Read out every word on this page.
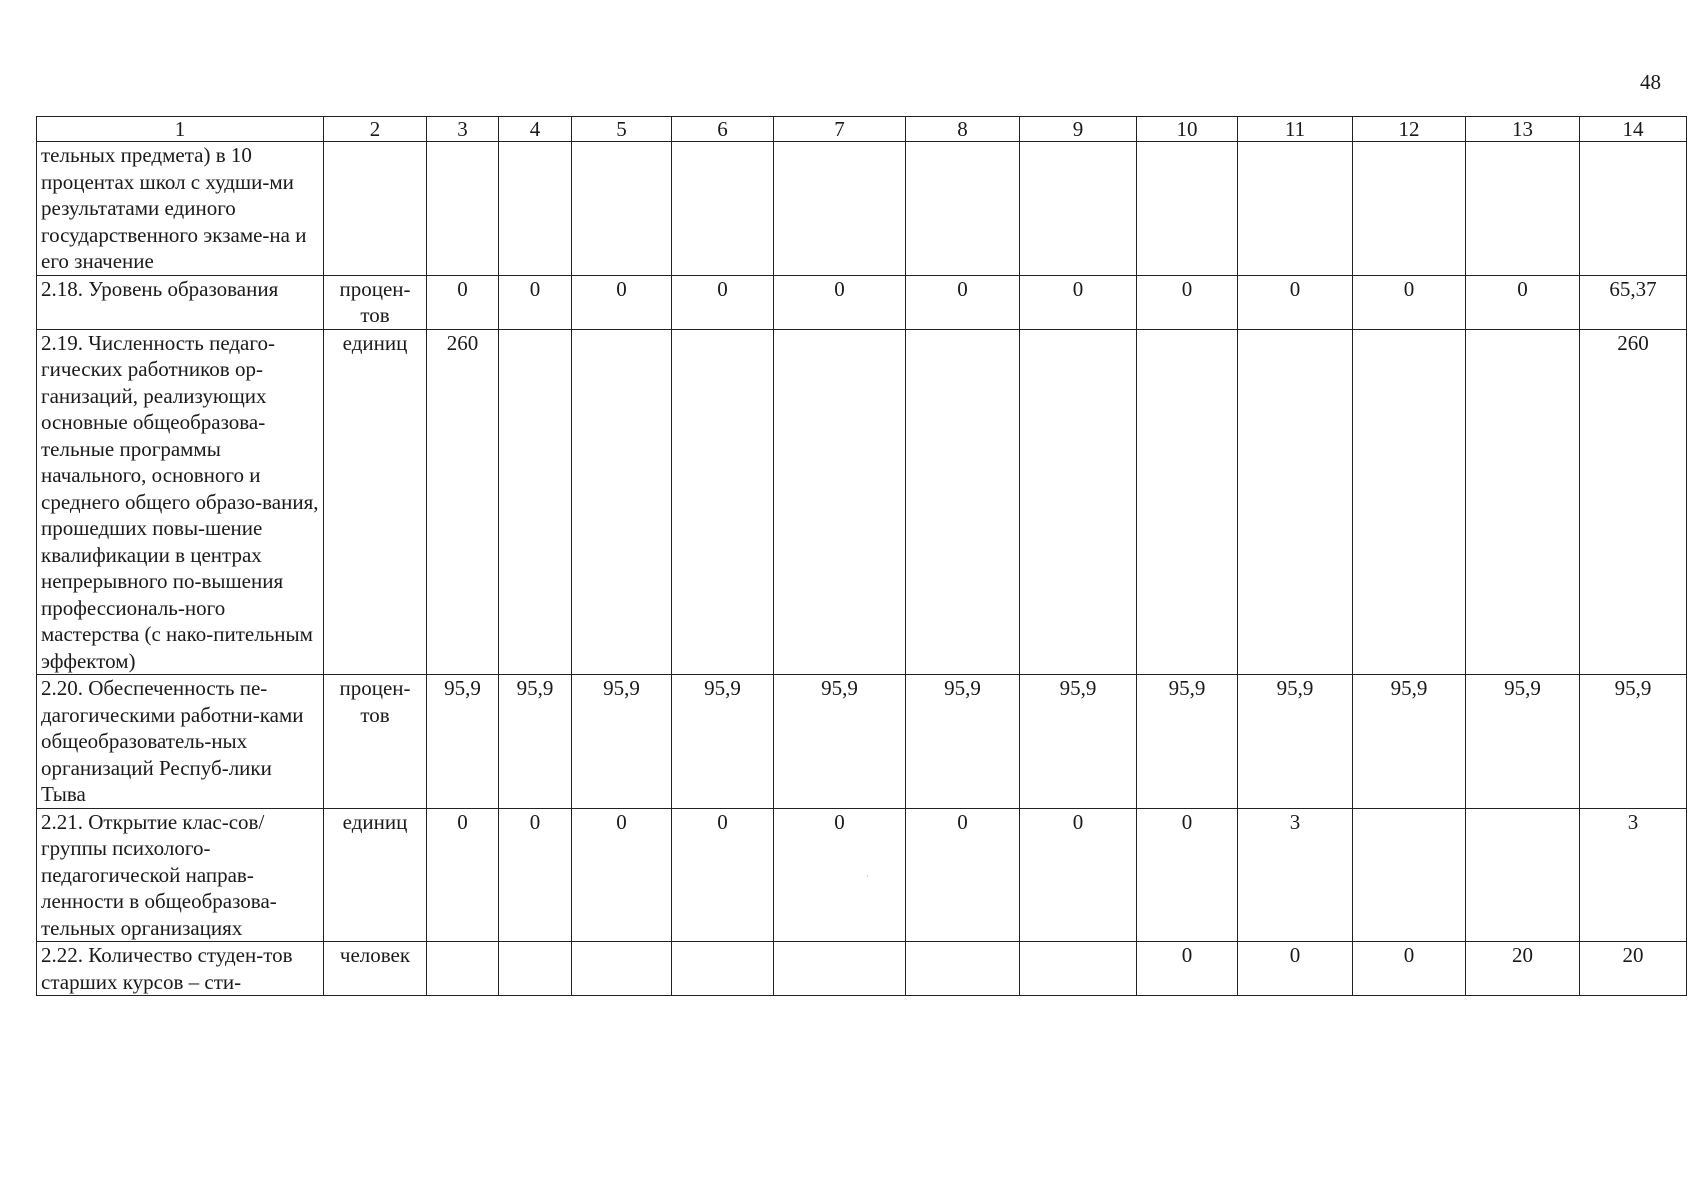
48
1	2	3	4	5	6	7	8	9	10	11	12	13	14
тельных предмета) в 10 процентах школ с худши-ми результатами единого государственного экзаме-на и его значение													
2.18. Уровень образования	процен-тов	0	0	0	0	0	0	0	0	0	0	0	65,37
2.19. Численность педаго-гических работников ор-ганизаций, реализующих основные общеобразова-тельные программы начального, основного и среднего общего образо-вания, прошедших повы-шение квалификации в центрах непрерывного по-вышения профессиональ-ного мастерства (с нако-пительным эффектом)	единиц	260											260
2.20. Обеспеченность пе-дагогическими работни-ками общеобразователь-ных организаций Респуб-лики Тыва	процен-тов	95,9	95,9	95,9	95,9	95,9	95,9	95,9	95,9	95,9	95,9	95,9	95,9
2.21. Открытие клас-сов/группы психолого-педагогической направ-ленности в общеобразова-тельных организациях	единиц	0	0	0	0	0	0	0	0	3			3
2.22. Количество студен-тов старших курсов – сти-	человек								0	0	0	20	20
·
